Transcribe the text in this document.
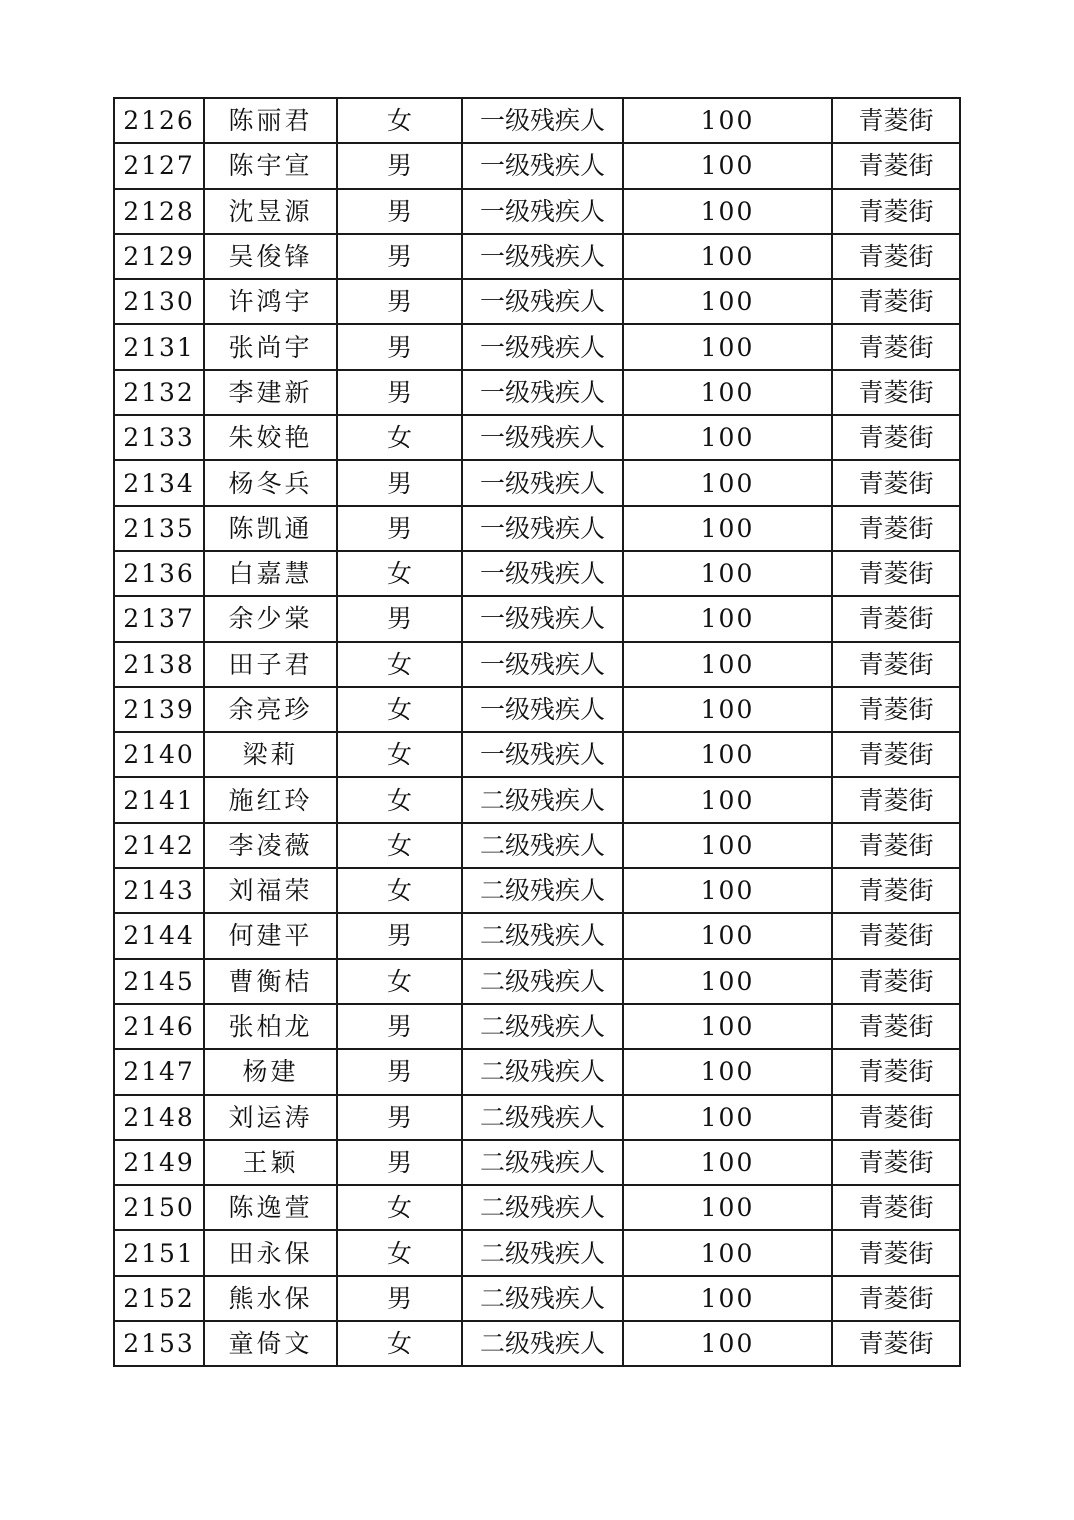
2126	陈丽君	女	一级残疾人	100	青菱街
2127	陈宇宣	男	一级残疾人	100	青菱街
2128	沈昱源	男	一级残疾人	100	青菱街
2129	吴俊锋	男	一级残疾人	100	青菱街
2130	许鸿宇	男	一级残疾人	100	青菱街
2131	张尚宇	男	一级残疾人	100	青菱街
2132	李建新	男	一级残疾人	100	青菱街
2133	朱姣艳	女	一级残疾人	100	青菱街
2134	杨冬兵	男	一级残疾人	100	青菱街
2135	陈凯通	男	一级残疾人	100	青菱街
2136	白嘉慧	女	一级残疾人	100	青菱街
2137	余少棠	男	一级残疾人	100	青菱街
2138	田子君	女	一级残疾人	100	青菱街
2139	余亮珍	女	一级残疾人	100	青菱街
2140	梁莉	女	一级残疾人	100	青菱街
2141	施红玲	女	二级残疾人	100	青菱街
2142	李凌薇	女	二级残疾人	100	青菱街
2143	刘福荣	女	二级残疾人	100	青菱街
2144	何建平	男	二级残疾人	100	青菱街
2145	曹衡桔	女	二级残疾人	100	青菱街
2146	张柏龙	男	二级残疾人	100	青菱街
2147	杨建	男	二级残疾人	100	青菱街
2148	刘运涛	男	二级残疾人	100	青菱街
2149	王颖	男	二级残疾人	100	青菱街
2150	陈逸萱	女	二级残疾人	100	青菱街
2151	田永保	女	二级残疾人	100	青菱街
2152	熊水保	男	二级残疾人	100	青菱街
2153	童倚文	女	二级残疾人	100	青菱街
